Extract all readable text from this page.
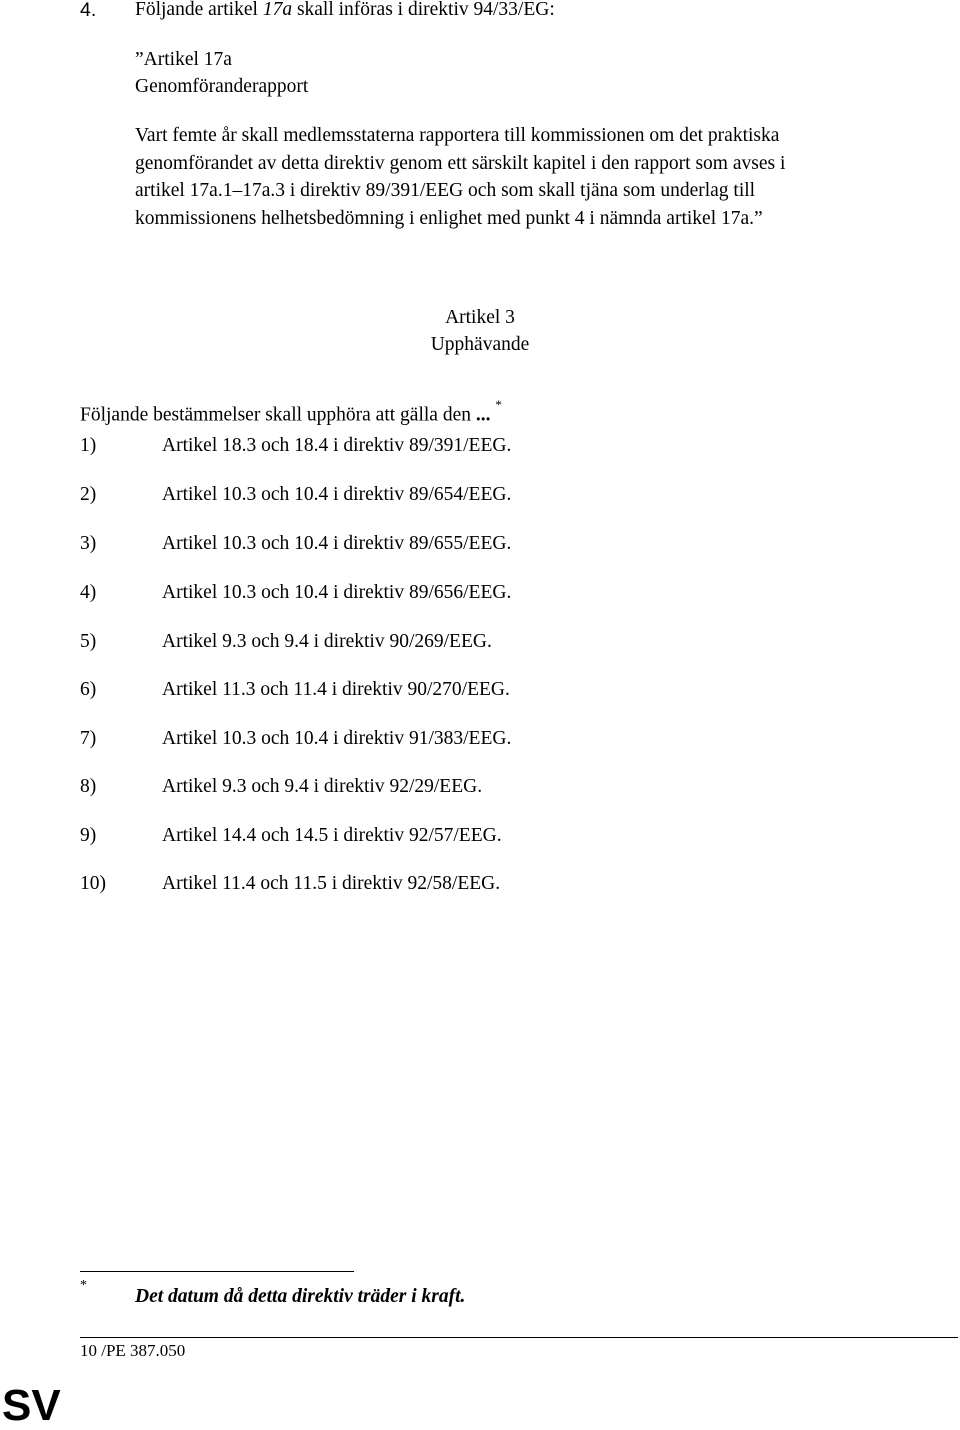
4. Följande artikel 17a skall införas i direktiv 94/33/EG:
”Artikel 17a
Genomföranderapport
Vart femte år skall medlemsstaterna rapportera till kommissionen om det praktiska
genomförandet av detta direktiv genom ett särskilt kapitel i den rapport som avses i
artikel 17a.1–17a.3 i direktiv 89/391/EEG och som skall tjäna som underlag till
kommissionens helhetsbedömning i enlighet med punkt 4 i nämnda artikel 17a.”
Artikel 3
Upphävande
Följande bestämmelser skall upphöra att gälla den ... *
1)	Artikel 18.3 och 18.4 i direktiv 89/391/EEG.
2)	Artikel 10.3 och 10.4 i direktiv 89/654/EEG.
3)	Artikel 10.3 och 10.4 i direktiv 89/655/EEG.
4)	Artikel 10.3 och 10.4 i direktiv 89/656/EEG.
5)	Artikel 9.3 och 9.4 i direktiv 90/269/EEG.
6)	Artikel 11.3 och 11.4 i direktiv 90/270/EEG.
7)	Artikel 10.3 och 10.4 i direktiv 91/383/EEG.
8)	Artikel 9.3 och 9.4 i direktiv 92/29/EEG.
9)	Artikel 14.4 och 14.5 i direktiv 92/57/EEG.
10)	Artikel 11.4 och 11.5 i direktiv 92/58/EEG.
*
Det datum då detta direktiv träder i kraft.
10 /PE 387.050
SV
